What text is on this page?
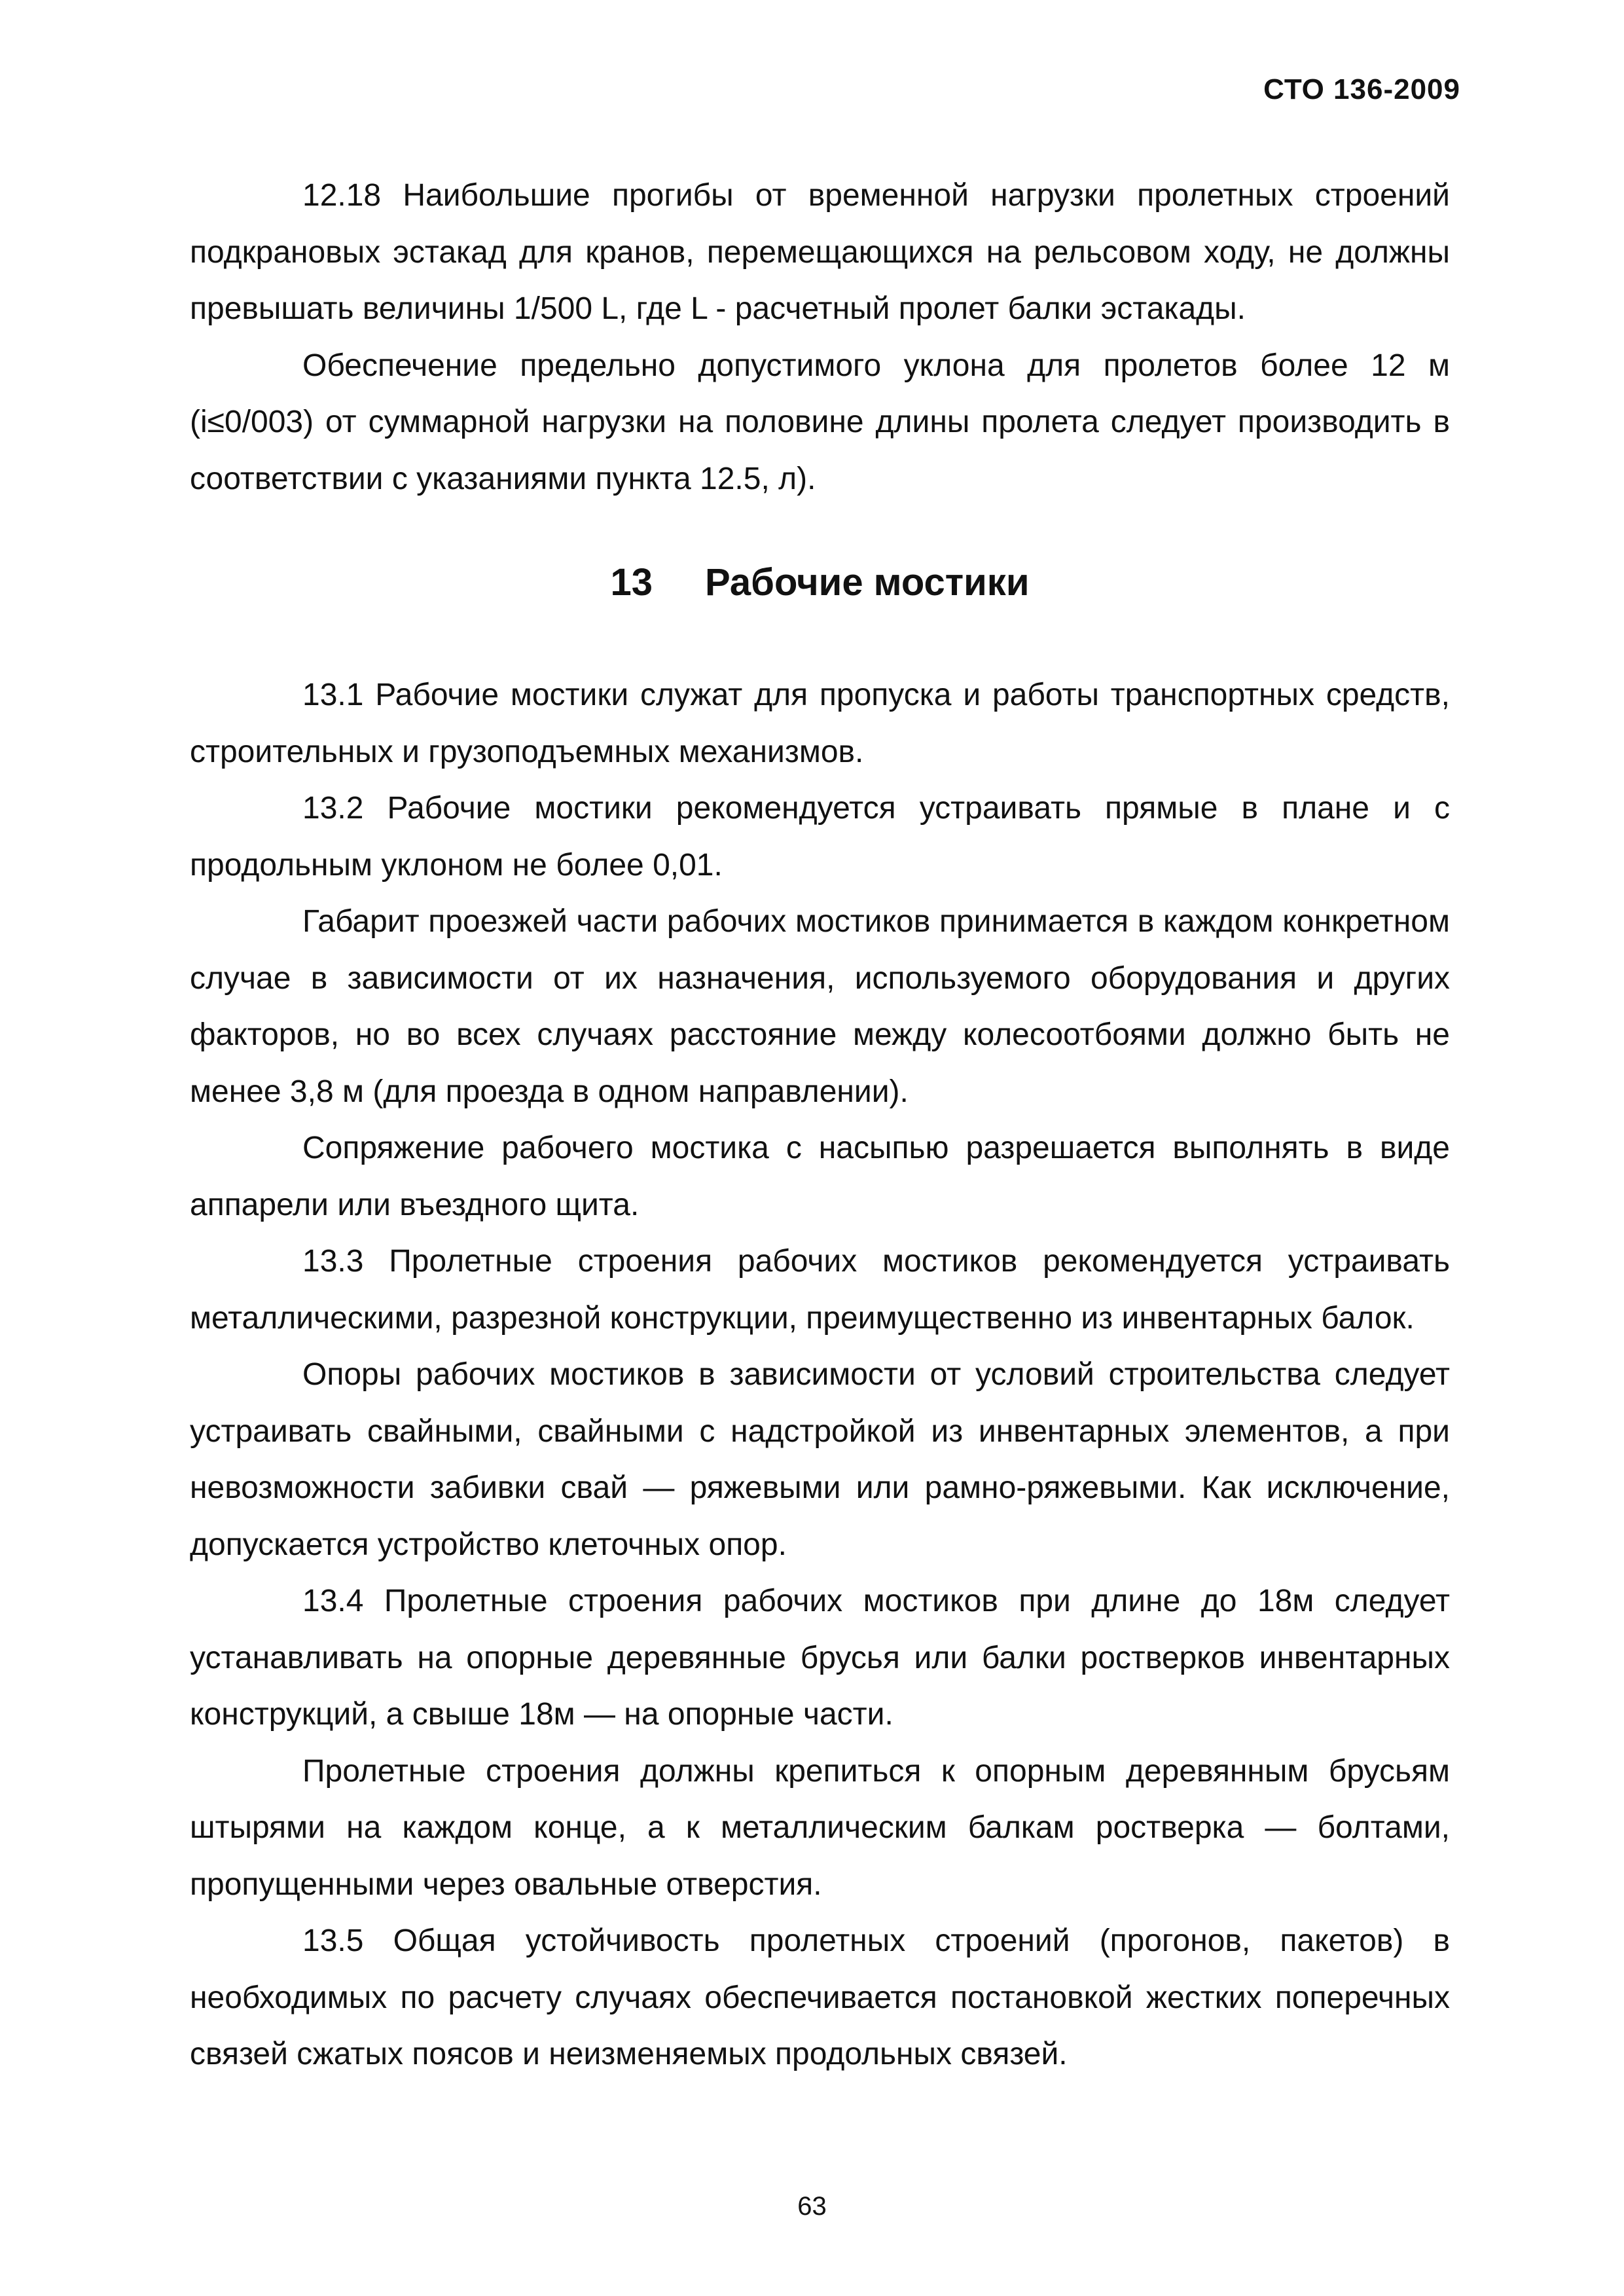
СТО 136-2009

12.18 Наибольшие прогибы от временной нагрузки пролетных строений подкрановых эстакад для кранов, перемещающихся на рельсовом ходу, не должны превышать величины 1/500 L, где L - расчетный пролет балки эстакады.

Обеспечение предельно допустимого уклона для пролетов более 12 м (i≤0/003) от суммарной нагрузки на половине длины пролета следует производить в соответствии с указаниями пункта 12.5, л).

13 Рабочие мостики

13.1 Рабочие мостики служат для пропуска и работы транспортных средств, строительных и грузоподъемных механизмов.

13.2 Рабочие мостики рекомендуется устраивать прямые в плане и с продольным уклоном не более 0,01.

Габарит проезжей части рабочих мостиков принимается в каждом конкретном случае в зависимости от их назначения, используемого оборудования и других факторов, но во всех случаях расстояние между колесоотбоями должно быть не менее 3,8 м (для проезда в одном направлении).

Сопряжение рабочего мостика с насыпью разрешается выполнять в виде аппарели или въездного щита.

13.3 Пролетные строения рабочих мостиков рекомендуется устраивать металлическими, разрезной конструкции, преимущественно из инвентарных балок.

Опоры рабочих мостиков в зависимости от условий строительства следует устраивать свайными, свайными с надстройкой из инвентарных элементов, а при невозможности забивки свай — ряжевыми или рамно-ряжевыми. Как исключение, допускается устройство клеточных опор.

13.4 Пролетные строения рабочих мостиков при длине до 18м следует устанавливать на опорные деревянные брусья или балки ростверков инвентарных конструкций, а свыше 18м — на опорные части.

Пролетные строения должны крепиться к опорным деревянным брусьям штырями на каждом конце, а к металлическим балкам ростверка — болтами, пропущенными через овальные отверстия.

13.5 Общая устойчивость пролетных строений (прогонов, пакетов) в необходимых по расчету случаях обеспечивается постановкой жестких поперечных связей сжатых поясов и неизменяемых продольных связей.

63
